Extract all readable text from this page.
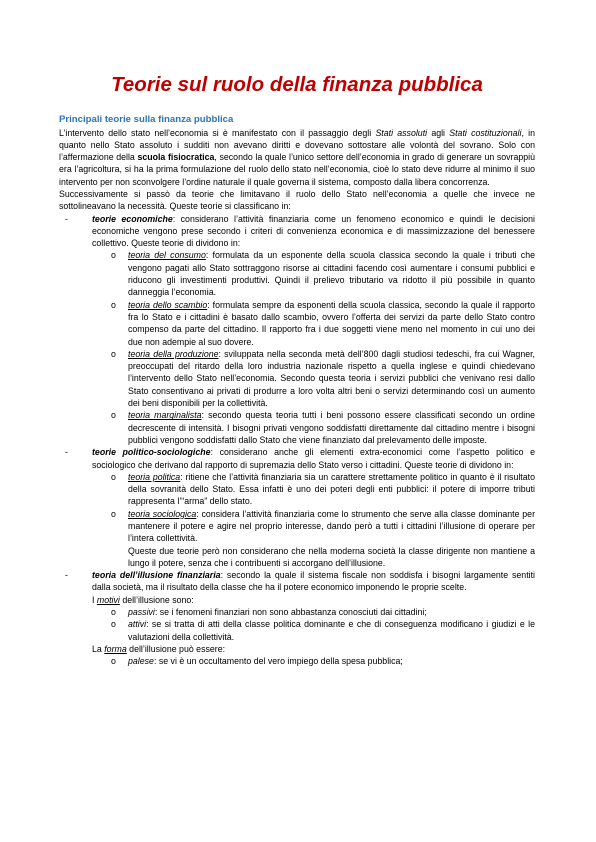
Teorie sul ruolo della finanza pubblica
Principali teorie sulla finanza pubblica

L’intervento dello stato nell’economia si è manifestato con il passaggio degli Stati assoluti agli Stati costituzionali, in quanto nello Stato assoluto i sudditi non avevano diritti e dovevano sottostare alle volontà del sovrano. Solo con l’affermazione della scuola fisiocratica, secondo la quale l’unico settore dell’economia in grado di generare un sovrappiù era l’agricoltura, si ha la prima formulazione del ruolo dello stato nell’economia, cioè lo stato deve ridurre al minimo il suo intervento per non sconvolgere l’ordine naturale il quale governa il sistema, composto dalla libera concorrenza.

Successivamente si passò da teorie che limitavano il ruolo dello Stato nell’economia a quelle che invece ne sottolineavano la necessità. Queste teorie si classificano in:

-	teorie economiche: considerano l’attività finanziaria come un fenomeno economico e quindi le decisioni economiche vengono prese secondo i criteri di convenienza economica e di massimizzazione del benessere collettivo. Queste teorie di dividono in:
o teoria del consumo: formulata da un esponente della scuola classica secondo la quale i tributi che vengono pagati allo Stato sottraggono risorse ai cittadini facendo così aumentare i consumi pubblici e riducono gli investimenti produttivi. Quindi il prelievo tributario va ridotto il più possibile in quanto danneggia l’economia.
o teoria dello scambio: formulata sempre da esponenti della scuola classica, secondo la quale il rapporto fra lo Stato e i cittadini è basato dallo scambio, ovvero l’offerta dei servizi da parte dello Stato contro compenso da parte del cittadino. Il rapporto fra i due soggetti viene meno nel momento in cui uno dei due non adempie al suo dovere.
o teoria della produzione: sviluppata nella seconda metà dell’800 dagli studiosi tedeschi, fra cui Wagner, preoccupati del ritardo della loro industria nazionale rispetto a quella inglese e quindi chiedevano l’intervento dello Stato nell’economia. Secondo questa teoria i servizi pubblici che venivano resi dallo Stato consentivano ai privati di produrre a loro volta altri beni o servizi determinando così un aumento dei beni disponibili per la collettività.
o teoria marginalista: secondo questa teoria tutti i beni possono essere classificati secondo un ordine decrescente di intensità. I bisogni privati vengono soddisfatti direttamente dal cittadino mentre i bisogni pubblici vengono soddisfatti dallo Stato che viene finanziato dal prelevamento delle imposte.
-	teorie politico-sociologiche: considerano anche gli elementi extra-economici come l’aspetto politico e sociologico che derivano dal rapporto di supremazia dello Stato verso i cittadini. Queste teorie di dividono in:
o teoria politica: ritiene che l’attività finanziaria sia un carattere strettamente politico in quanto è il risultato della sovranità dello Stato. Essa infatti è uno dei poteri degli enti pubblici: il potere di imporre tributi rappresenta l’“arma” dello stato.
o teoria sociologica: considera l’attività finanziaria come lo strumento che serve alla classe dominante per mantenere il potere e agire nel proprio interesse, dando però a tutti i cittadini l’illusione di operare per l’intera collettività.
Queste due teorie però non considerano che nella moderna società la classe dirigente non mantiene a lungo il potere, senza che i contribuenti si accorgano dell’illusione.
-	teoria dell’illusione finanziaria: secondo la quale il sistema fiscale non soddisfa i bisogni largamente sentiti dalla società, ma il risultato della classe che ha il potere economico imponendo le proprie scelte.
I motivi dell’illusione sono:
o passivi: se i fenomeni finanziari non sono abbastanza conosciuti dai cittadini;
o attivi: se si tratta di atti della classe politica dominante e che di conseguenza modificano i giudizi e le valutazioni della collettività.
La forma dell’illusione può essere:
o palese: se vi è un occultamento del vero impiego della spesa pubblica;
